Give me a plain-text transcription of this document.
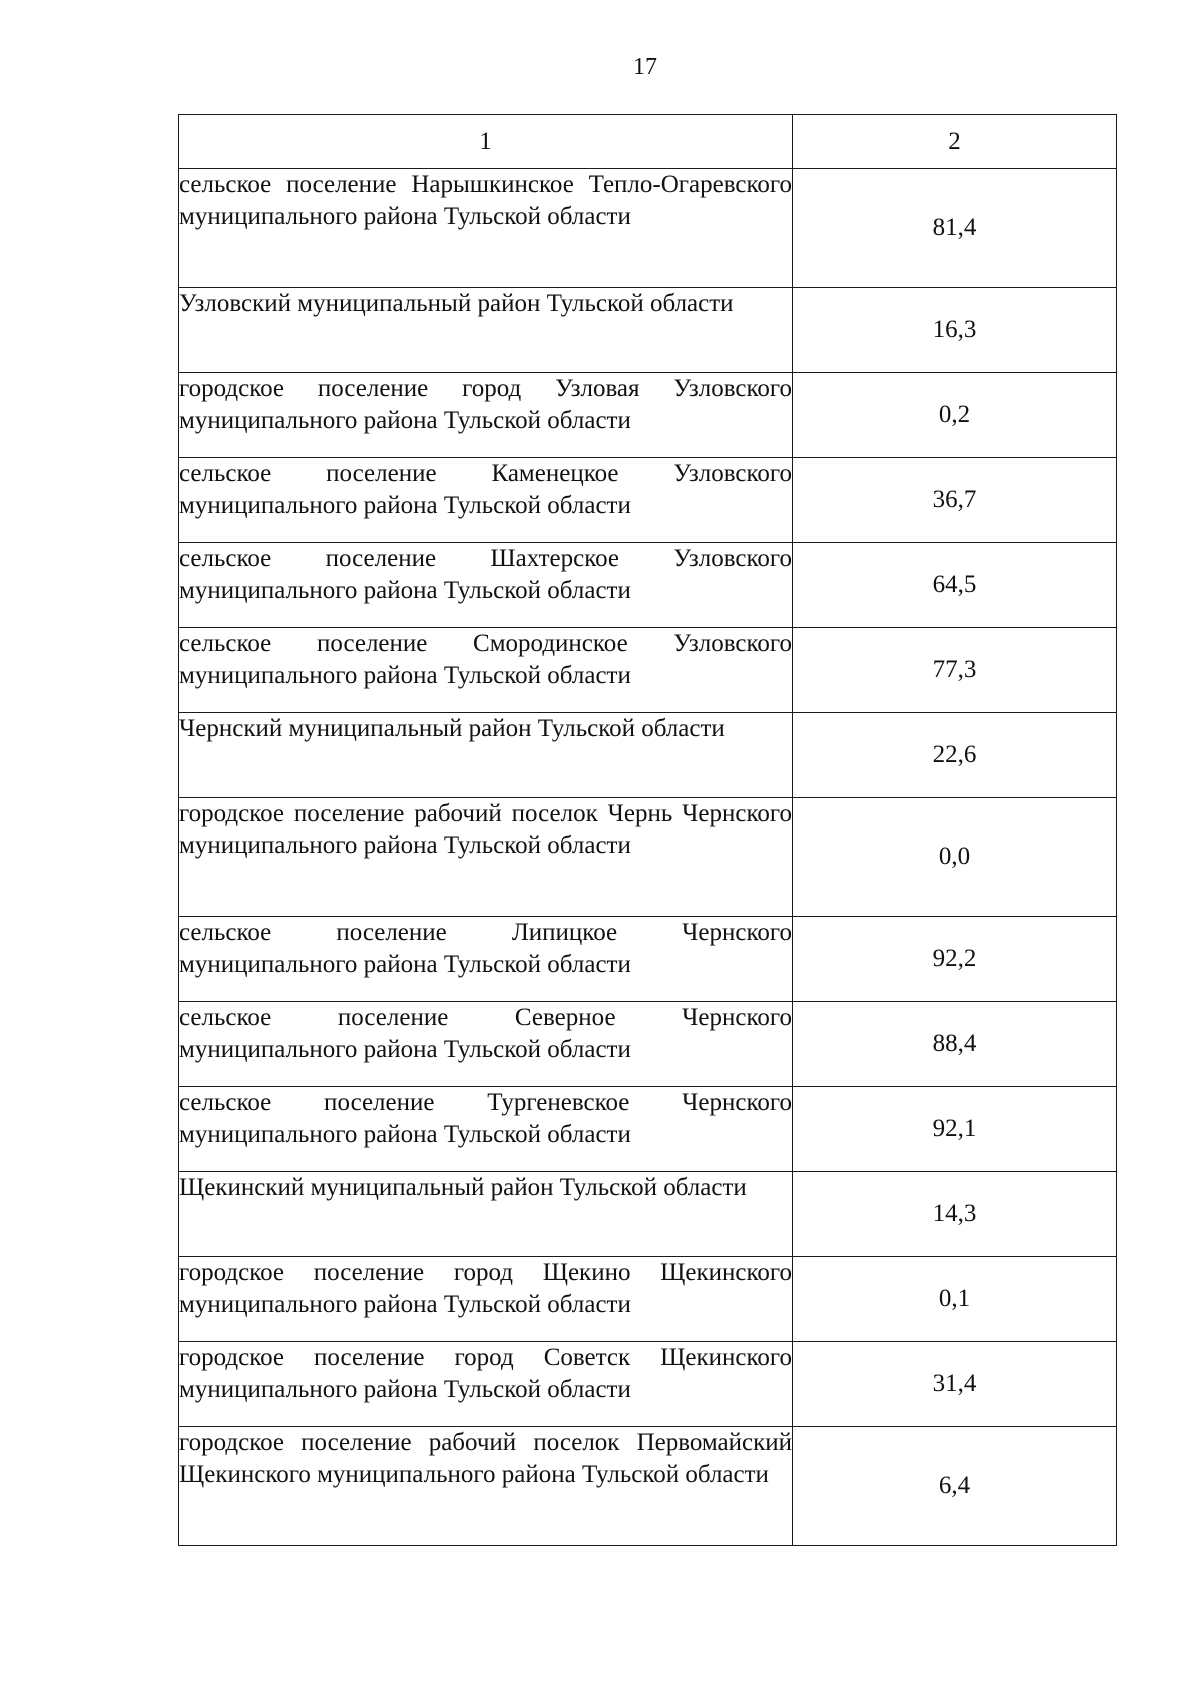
17
1	2
сельское поселение Нарышкинское Тепло-Огаревского муниципального района Тульской области	81,4
Узловский муниципальный район Тульской области	16,3
городское поселение город Узловая Узловского муниципального района Тульской области	0,2
сельское поселение Каменецкое Узловского муниципального района Тульской области	36,7
сельское поселение Шахтерское Узловского муниципального района Тульской области	64,5
сельское поселение Смородинское Узловского муниципального района Тульской области	77,3
Чернский муниципальный район Тульской области	22,6
городское поселение рабочий поселок Чернь Чернского муниципального района Тульской области	0,0
сельское поселение Липицкое Чернского муниципального района Тульской области	92,2
сельское поселение Северное Чернского муниципального района Тульской области	88,4
сельское поселение Тургеневское Чернского муниципального района Тульской области	92,1
Щекинский муниципальный район Тульской области	14,3
городское поселение город Щекино Щекинского муниципального района Тульской области	0,1
городское поселение город Советск Щекинского муниципального района Тульской области	31,4
городское поселение рабочий поселок Первомайский Щекинского муниципального района Тульской области	6,4
